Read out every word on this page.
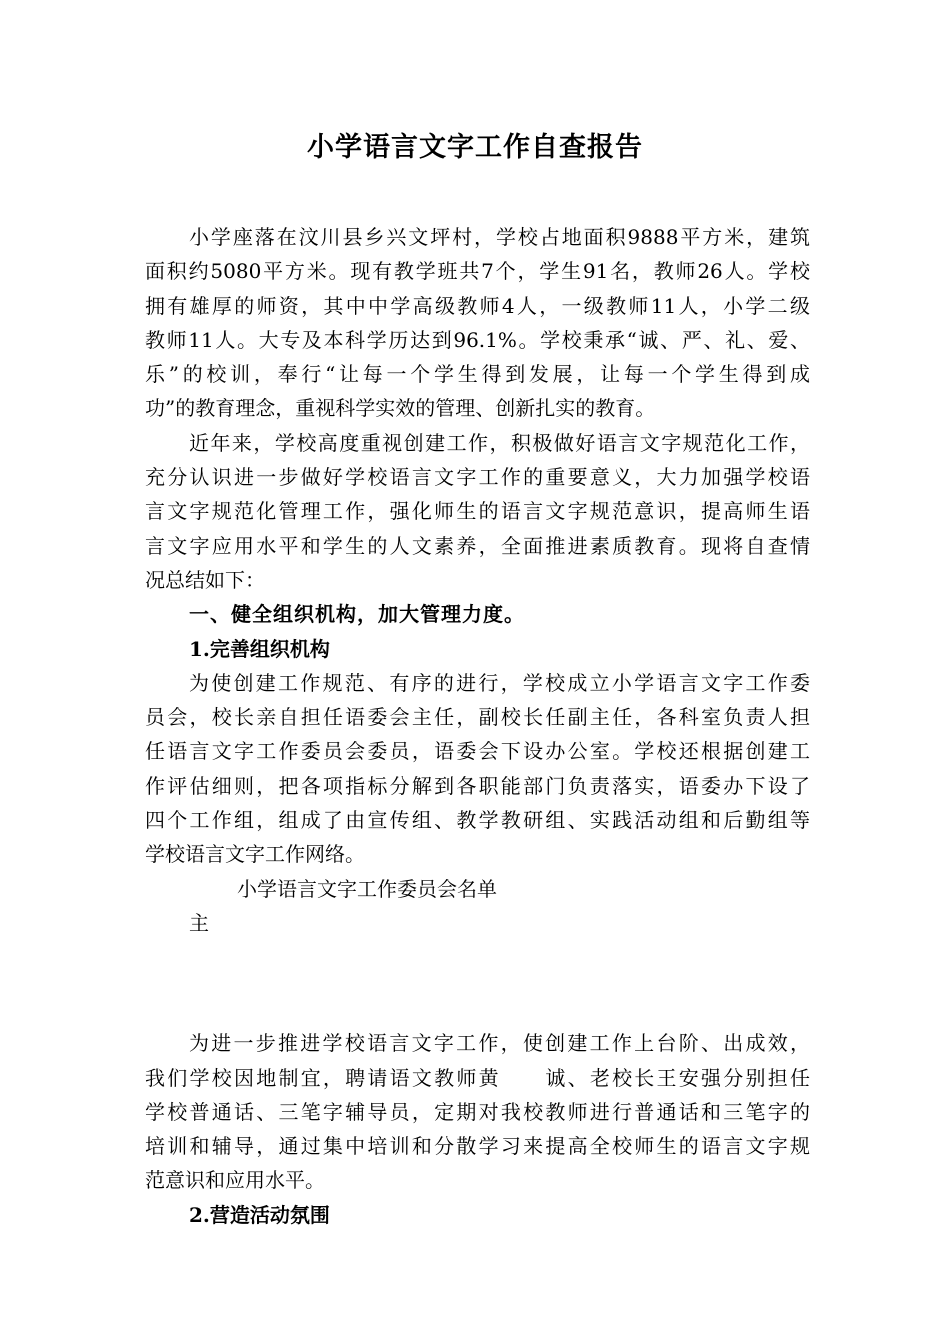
小学语言文字工作自查报告
小学座落在汶川县乡兴文坪村，学校占地面积9888平方米，建筑
面积约5080平方米。现有教学班共7个，学生91名，教师26人。学校
拥有雄厚的师资，其中中学高级教师4人，一级教师11人，小学二级
教师11人。大专及本科学历达到96.1%。学校秉承“诚、严、礼、爱、
乐”的校训，奉行“让每一个学生得到发展，让每一个学生得到成
功”的教育理念，重视科学实效的管理、创新扎实的教育。
近年来，学校高度重视创建工作，积极做好语言文字规范化工作，
充分认识进一步做好学校语言文字工作的重要意义，大力加强学校语
言文字规范化管理工作，强化师生的语言文字规范意识，提高师生语
言文字应用水平和学生的人文素养，全面推进素质教育。现将自查情
况总结如下：
一、健全组织机构，加大管理力度。
1.完善组织机构
为使创建工作规范、有序的进行，学校成立小学语言文字工作委
员会，校长亲自担任语委会主任，副校长任副主任，各科室负责人担
任语言文字工作委员会委员，语委会下设办公室。学校还根据创建工
作评估细则，把各项指标分解到各职能部门负责落实，语委办下设了
四个工作组，组成了由宣传组、教学教研组、实践活动组和后勤组等
学校语言文字工作网络。
小学语言文字工作委员会名单
主
为进一步推进学校语言文字工作，使创建工作上台阶、出成效，
我们学校因地制宜，聘请语文教师黄　　诚、老校长王安强分别担任
学校普通话、三笔字辅导员，定期对我校教师进行普通话和三笔字的
培训和辅导，通过集中培训和分散学习来提高全校师生的语言文字规
范意识和应用水平。
2.营造活动氛围
